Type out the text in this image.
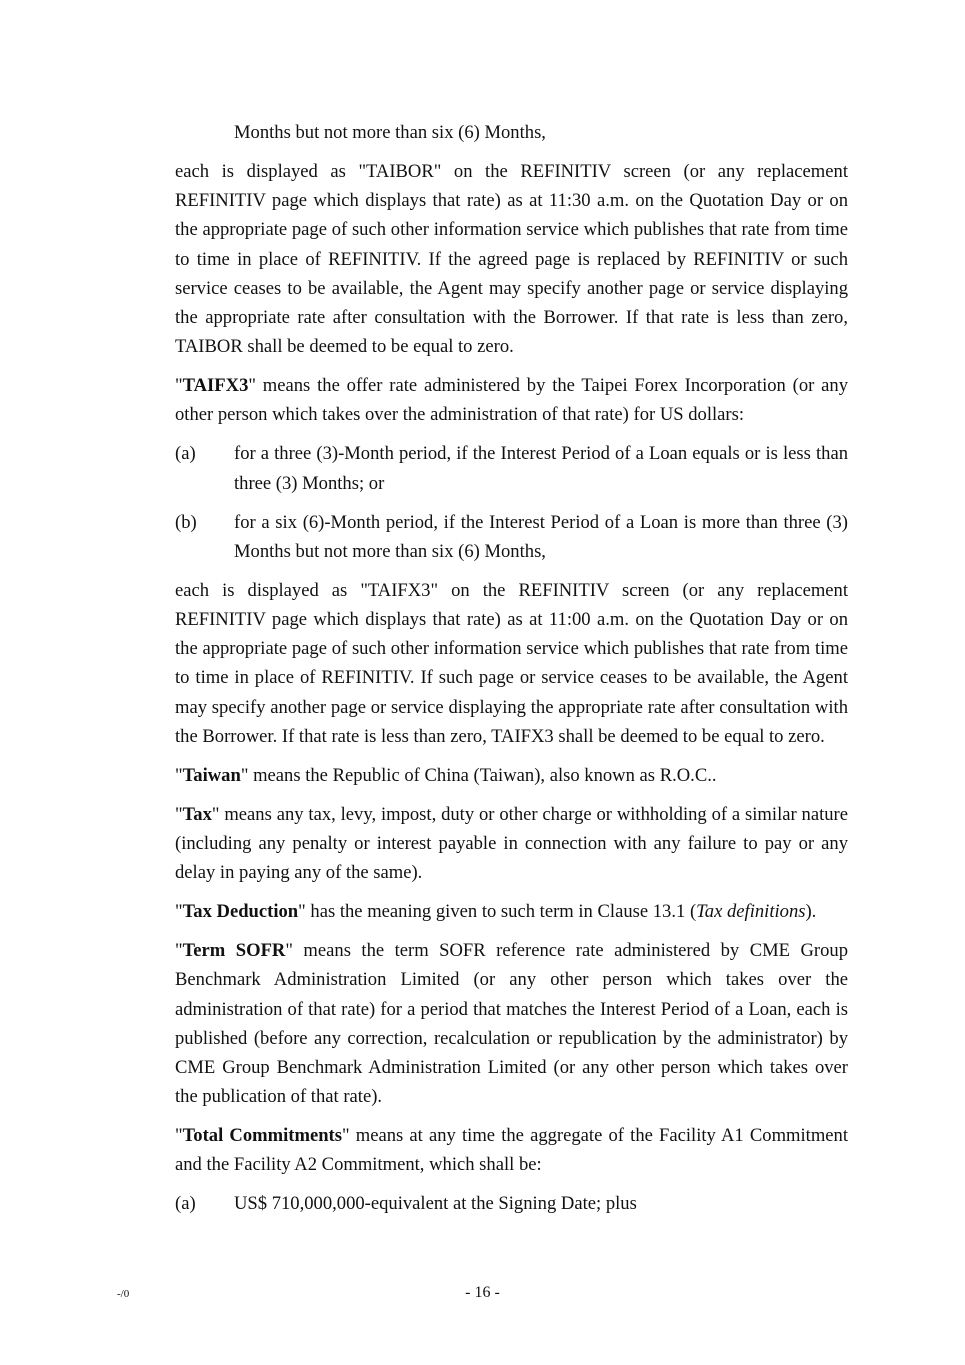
Months but not more than six (6) Months,

each is displayed as "TAIBOR" on the REFINITIV screen (or any replacement REFINITIV page which displays that rate) as at 11:30 a.m. on the Quotation Day or on the appropriate page of such other information service which publishes that rate from time to time in place of REFINITIV. If the agreed page is replaced by REFINITIV or such service ceases to be available, the Agent may specify another page or service displaying the appropriate rate after consultation with the Borrower. If that rate is less than zero, TAIBOR shall be deemed to be equal to zero.

"TAIFX3" means the offer rate administered by the Taipei Forex Incorporation (or any other person which takes over the administration of that rate) for US dollars:

(a)	for a three (3)-Month period, if the Interest Period of a Loan equals or is less than three (3) Months; or
(b)	for a six (6)-Month period, if the Interest Period of a Loan is more than three (3) Months but not more than six (6) Months,

each is displayed as "TAIFX3" on the REFINITIV screen (or any replacement REFINITIV page which displays that rate) as at 11:00 a.m. on the Quotation Day or on the appropriate page of such other information service which publishes that rate from time to time in place of REFINITIV. If such page or service ceases to be available, the Agent may specify another page or service displaying the appropriate rate after consultation with the Borrower. If that rate is less than zero, TAIFX3 shall be deemed to be equal to zero.

"Taiwan" means the Republic of China (Taiwan), also known as R.O.C..

"Tax" means any tax, levy, impost, duty or other charge or withholding of a similar nature (including any penalty or interest payable in connection with any failure to pay or any delay in paying any of the same).

"Tax Deduction" has the meaning given to such term in Clause 13.1 (Tax definitions).

"Term SOFR" means the term SOFR reference rate administered by CME Group Benchmark Administration Limited (or any other person which takes over the administration of that rate) for a period that matches the Interest Period of a Loan, each is published (before any correction, recalculation or republication by the administrator) by CME Group Benchmark Administration Limited (or any other person which takes over the publication of that rate).

"Total Commitments" means at any time the aggregate of the Facility A1 Commitment and the Facility A2 Commitment, which shall be:

(a)	US$ 710,000,000-equivalent at the Signing Date; plus
-/0	- 16 -
